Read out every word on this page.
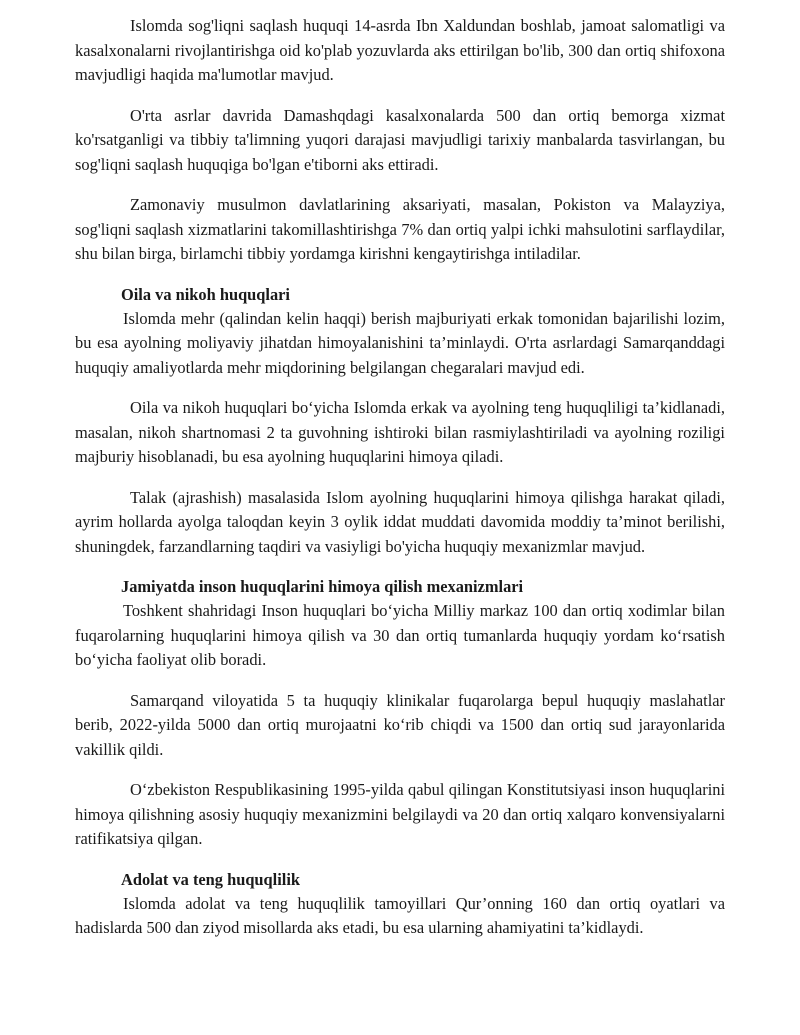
Islomda sog'liqni saqlash huquqi 14-asrda Ibn Xaldundan boshlab, jamoat salomatligi va kasalxonalarni rivojlantirishga oid ko'plab yozuvlarda aks ettirilgan bo'lib, 300 dan ortiq shifoxona mavjudligi haqida ma'lumotlar mavjud.

O'rta asrlar davrida Damashqdagi kasalxonalarda 500 dan ortiq bemorga xizmat ko'rsatganligi va tibbiy ta'limning yuqori darajasi mavjudligi tarixiy manbalarda tasvirlangan, bu sog'liqni saqlash huquqiga bo'lgan e'tiborni aks ettiradi.

Zamonaviy musulmon davlatlarining aksariyati, masalan, Pokiston va Malayziya, sog'liqni saqlash xizmatlarini takomillashtirishga 7% dan ortiq yalpi ichki mahsulotini sarflaydilar, shu bilan birga, birlamchi tibbiy yordamga kirishni kengaytirishga intiladilar.

Oila va nikoh huquqlari

Islomda mehr (qalindan kelin haqqi) berish majburiyati erkak tomonidan bajarilishi lozim, bu esa ayolning moliyaviy jihatdan himoyalanishini ta’minlaydi. O'rta asrlardagi Samarqanddagi huquqiy amaliyotlarda mehr miqdorining belgilangan chegaralari mavjud edi.

Oila va nikoh huquqlari bo‘yicha Islomda erkak va ayolning teng huquqliligi ta’kidlanadi, masalan, nikoh shartnomasi 2 ta guvohning ishtiroki bilan rasmiylashtiriladi va ayolning roziligi majburiy hisoblanadi, bu esa ayolning huquqlarini himoya qiladi.

Talak (ajrashish) masalasida Islom ayolning huquqlarini himoya qilishga harakat qiladi, ayrim hollarda ayolga taloqdan keyin 3 oylik iddat muddati davomida moddiy ta’minot berilishi, shuningdek, farzandlarning taqdiri va vasiyligi bo'yicha huquqiy mexanizmlar mavjud.

Jamiyatda inson huquqlarini himoya qilish mexanizmlari

Toshkent shahridagi Inson huquqlari bo‘yicha Milliy markaz 100 dan ortiq xodimlar bilan fuqarolarning huquqlarini himoya qilish va 30 dan ortiq tumanlarda huquqiy yordam ko‘rsatish bo‘yicha faoliyat olib boradi.

Samarqand viloyatida 5 ta huquqiy klinikalar fuqarolarga bepul huquqiy maslahatlar berib, 2022-yilda 5000 dan ortiq murojaatni ko‘rib chiqdi va 1500 dan ortiq sud jarayonlarida vakillik qildi.

O‘zbekiston Respublikasining 1995-yilda qabul qilingan Konstitutsiyasi inson huquqlarini himoya qilishning asosiy huquqiy mexanizmini belgilaydi va 20 dan ortiq xalqaro konvensiyalarni ratifikatsiya qilgan.

Adolat va teng huquqlilik

Islomda adolat va teng huquqlilik tamoyillari Qur’onning 160 dan ortiq oyatlari va hadislarda 500 dan ziyod misollarda aks etadi, bu esa ularning ahamiyatini ta’kidlaydi.
